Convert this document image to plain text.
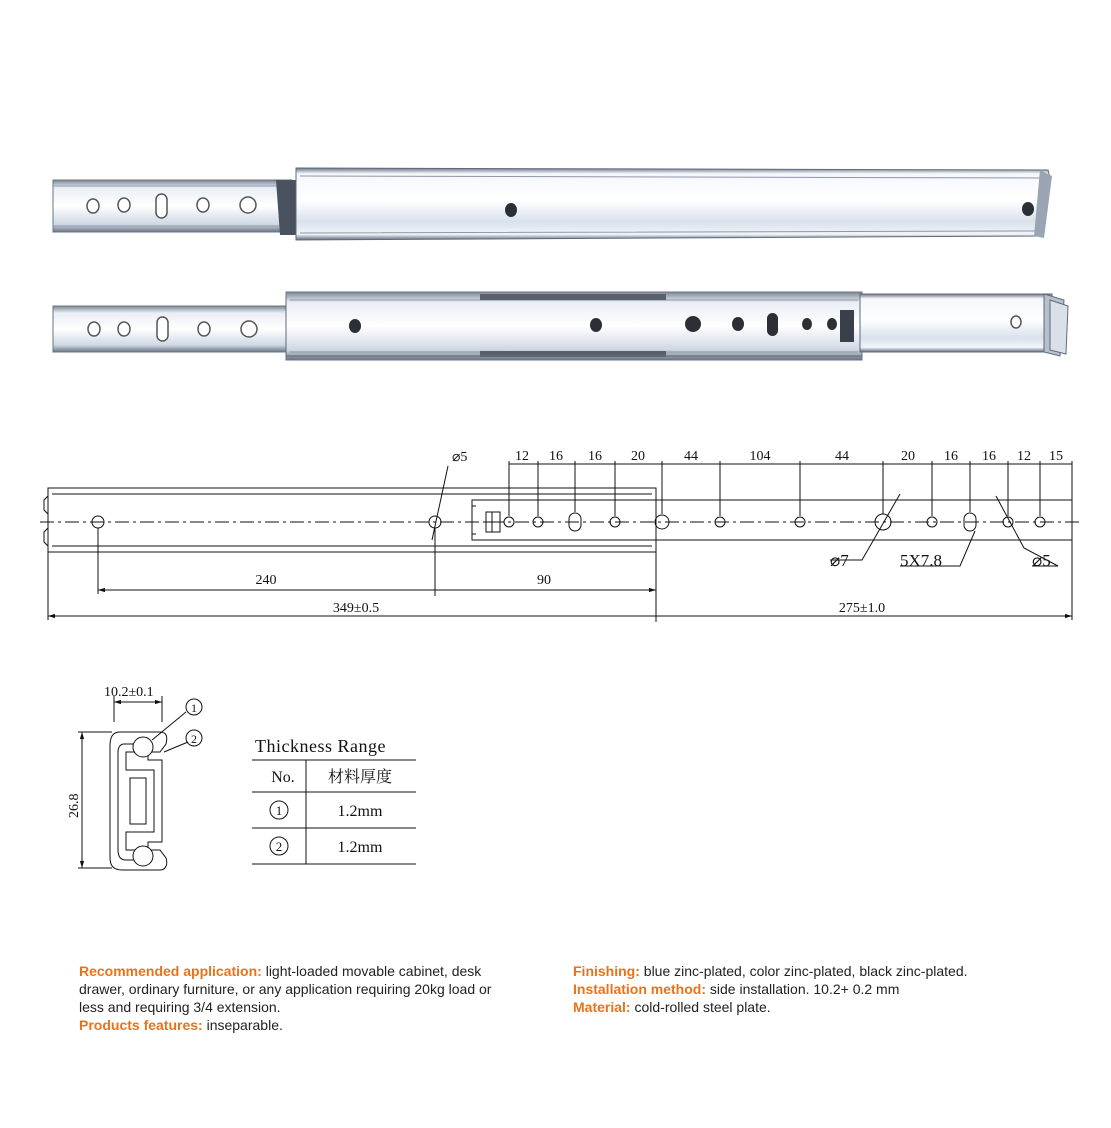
12 16 16 20	44	104	44	20 16 16 12 15
⌀5
⌀7	5X7.8	⌀5
240	90
349±0.5	275±1.0
10.2±0.1
26.8
1
2	Thickness Range
No. 材料厚度
1	1.2mm
2	1.2mm
Recommended application: light-loaded movable cabinet, desk drawer, ordinary furniture, or any application requiring 20kg load or less and requiring 3/4 extension.
Products features: inseparable.
Finishing: blue zinc-plated, color zinc-plated, black zinc-plated.
Installation method: side installation. 10.2+ 0.2 mm
Material: cold-rolled steel plate.
